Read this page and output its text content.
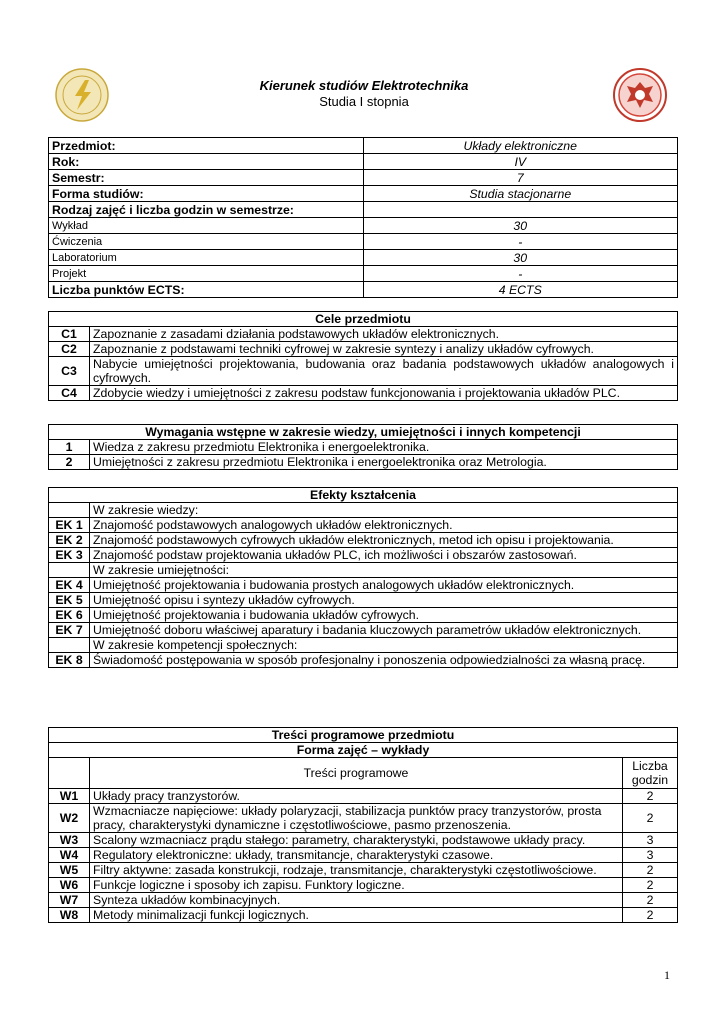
Kierunek studiów Elektrotechnika
Studia I stopnia
Przedmiot:	Układy elektroniczne
Rok:	IV
Semestr:	7
Forma studiów:	Studia stacjonarne
Rodzaj zajęć i liczba godzin w semestrze:	
Wykład	30
Ćwiczenia	-
Laboratorium	30
Projekt	-
Liczba punktów ECTS:	4 ECTS
Cele przedmiotu	
C1	Zapoznanie z zasadami działania podstawowych układów elektronicznych.
C2	Zapoznanie z podstawami techniki cyfrowej w zakresie syntezy i analizy układów cyfrowych.
C3	Nabycie umiejętności projektowania, budowania oraz badania podstawowych układów analogowych i cyfrowych.
C4	Zdobycie wiedzy i umiejętności z zakresu podstaw funkcjonowania i projektowania układów PLC.
Wymagania wstępne w zakresie wiedzy, umiejętności i innych kompetencji	
1	Wiedza z zakresu przedmiotu Elektronika i energoelektronika.
2	Umiejętności z zakresu przedmiotu Elektronika i energoelektronika oraz Metrologia.
Efekty kształcenia	
	W zakresie wiedzy:
EK 1	Znajomość podstawowych analogowych układów elektronicznych.
EK 2	Znajomość podstawowych cyfrowych układów elektronicznych, metod ich opisu i projektowania.
EK 3	Znajomość podstaw projektowania układów PLC, ich możliwości i obszarów zastosowań.
	W zakresie umiejętności:
EK 4	Umiejętność projektowania i budowania prostych analogowych układów elektronicznych.
EK 5	Umiejętność opisu i syntezy układów cyfrowych.
EK 6	Umiejętność projektowania i budowania układów cyfrowych.
EK 7	Umiejętność doboru właściwej aparatury i badania kluczowych parametrów układów elektronicznych.
	W zakresie kompetencji społecznych:
EK 8	Świadomość postępowania w sposób profesjonalny i ponoszenia odpowiedzialności za własną pracę.
Treści programowe przedmiotu		
Forma zajęć – wykłady		
	Treści programowe	Liczba godzin
W1	Układy pracy tranzystorów.	2
W2	Wzmacniacze napięciowe: układy polaryzacji, stabilizacja punktów pracy tranzystorów, prosta pracy, charakterystyki dynamiczne i częstotliwościowe, pasmo przenoszenia.	2
W3	Scalony wzmacniacz prądu stałego: parametry, charakterystyki, podstawowe układy pracy.	3
W4	Regulatory elektroniczne: układy, transmitancje, charakterystyki czasowe.	3
W5	Filtry aktywne: zasada konstrukcji, rodzaje, transmitancje, charakterystyki częstotliwościowe.	2
W6	Funkcje logiczne i sposoby ich zapisu. Funktory logiczne.	2
W7	Synteza układów kombinacyjnych.	2
W8	Metody minimalizacji funkcji logicznych.	2
1
